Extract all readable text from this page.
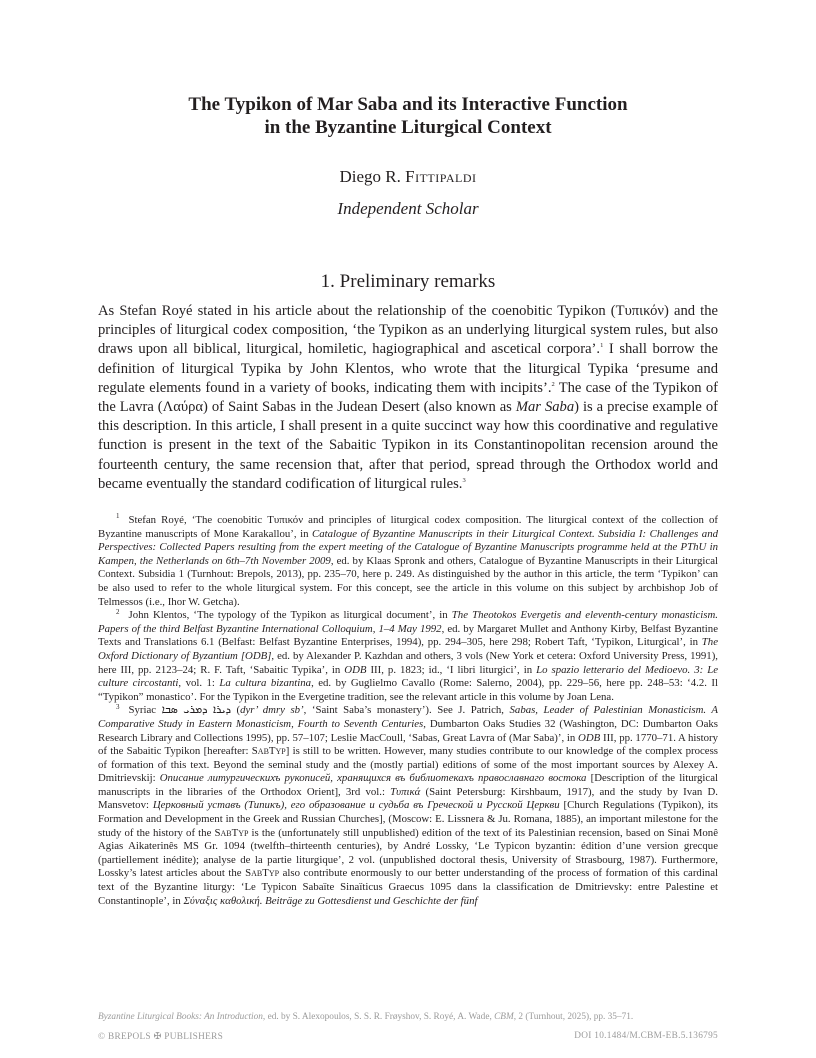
The Typikon of Mar Saba and its Interactive Function
in the Byzantine Liturgical Context
Diego R. Fittipaldi
Independent Scholar
1. Preliminary remarks

As Stefan Royé stated in his article about the relationship of the coenobitic Typikon (Τυπικόν) and the principles of liturgical codex composition, ‘the Typikon as an underlying liturgical system rules, but also draws upon all biblical, liturgical, homiletic, hagiographical and ascetical corpora’.$^1$ I shall borrow the definition of liturgical Typika by John Klentos, who wrote that the liturgical Typika ‘presume and regulate elements found in a variety of books, indicating them with incipits’.$^2$ The case of the Typikon of the Lavra (Λαύρα) of Saint Sabas in the Judean Desert (also known as Mar Saba) is a precise example of this description. In this article, I shall present in a quite succinct way how this coordinative and regulative function is present in the text of the Sabaitic Typikon in its Constantinopolitan recension around the fourteenth century, the same recension that, after that period, spread through the Orthodox world and became eventually the standard codification of liturgical rules.$^3$

$^1$ Stefan Royé, ‘The coenobitic Τυπικόν and principles of liturgical codex composition. The liturgical context of the collection of Byzantine manuscripts of Mone Karakallou’, in Catalogue of Byzantine Manuscripts in their Liturgical Context. Subsidia I: Challenges and Perspectives: Collected Papers resulting from the expert meeting of the Catalogue of Byzantine Manuscripts programme held at the PThU in Kampen, the Netherlands on 6th–7th November 2009, ed. by Klaas Spronk and others, Catalogue of Byzantine Manuscripts in their Liturgical Context. Subsidia 1 (Turnhout: Brepols, 2013), pp. 235–70, here p. 249. As distinguished by the author in this article, the term ‘Typikon’ can be also used to refer to the whole liturgical system. For this concept, see the article in this volume on this subject by archbishop Job of Telmessos (i.e., Ihor W. Getcha).

$^2$ John Klentos, ‘The typology of the Typikon as liturgical document’, in The Theotokos Evergetis and eleventh-century monasticism. Papers of the third Belfast Byzantine International Colloquium, 1–4 May 1992, ed. by Margaret Mullet and Anthony Kirby, Belfast Byzantine Texts and Translations 6.1 (Belfast: Belfast Byzantine Enterprises, 1994), pp. 294–305, here 298; Robert Taft, ‘Typikon, Liturgical’, in The Oxford Dictionary of Byzantium [ODB], ed. by Alexander P. Kazhdan and others, 3 vols (New York et cetera: Oxford University Press, 1991), here III, pp. 2123–24; R. F. Taft, ‘Sabaitic Typika’, in ODB III, p. 1823; id., ‘I libri liturgici’, in Lo spazio letterario del Medioevo. 3: Le culture circostanti, vol. 1: La cultura bizantina, ed. by Guglielmo Cavallo (Rome: Salerno, 2004), pp. 229–56, here pp. 248–53: ‘4.2. Il “Typikon” monastico’. For the Typikon in the Evergetine tradition, see the relevant article in this volume by Joan Lena.

$^3$ Syriac ܕܝܪܐ ܕܡܪܝ ܣܒܐ (dyr’ dmry sb’, ‘Saint Saba’s monastery’). See J. Patrich, Sabas, Leader of Palestinian Monasticism. A Comparative Study in Eastern Monasticism, Fourth to Seventh Centuries, Dumbarton Oaks Studies 32 (Washington, DC: Dumbarton Oaks Research Library and Collections 1995), pp. 57–107; Leslie MacCoull, ‘Sabas, Great Lavra of (Mar Saba)’, in ODB III, pp. 1770–71. A history of the Sabaitic Typikon [hereafter: SabTyp] is still to be written. However, many studies contribute to our knowledge of the complex process of formation of this text. Beyond the seminal study and the (mostly partial) editions of some of the most important sources by Alexey A. Dmitrievskij: Описание литургическихъ рукописей, хранящихся въ библиотекахъ православнаго востока [Description of the liturgical manuscripts in the libraries of the Orthodox Orient], 3rd vol.: Τυπικά (Saint Petersburg: Kirshbaum, 1917), and the study by Ivan D. Mansvetov: Церковный уставъ (Типикъ), его образование и судьба въ Греческой и Русской Церкви [Church Regulations (Typikon), its Formation and Development in the Greek and Russian Churches], (Moscow: E. Lissnera & Ju. Romana, 1885), an important milestone for the study of the history of the SabTyp is the (unfortunately still unpublished) edition of the text of its Palestinian recension, based on Sinai Monê Agias Aikaterinês MS Gr. 1094 (twelfth–thirteenth centuries), by André Lossky, ‘Le Typicon byzantin: édition d’une version grecque (partiellement inédite); analyse de la partie liturgique’, 2 vol. (unpublished doctoral thesis, University of Strasbourg, 1987). Furthermore, Lossky’s latest articles about the SabTyp also contribute enormously to our better understanding of the process of formation of this cardinal text of the Byzantine liturgy: ‘Le Typicon Sabaïte Sinaïticus Graecus 1095 dans la classification de Dmitrievsky: entre Palestine et Constantinople’, in Σύναξις καθολική. Beiträge zu Gottesdienst und Geschichte der fünf

Byzantine Liturgical Books: An Introduction, ed. by S. Alexopoulos, S. S. R. Frøyshov, S. Royé, A. Wade, CBM, 2 (Turnhout, 2025), pp. 35–71.
© BREPOLS ✠ PUBLISHERS	DOI 10.1484/M.CBM-EB.5.136795
